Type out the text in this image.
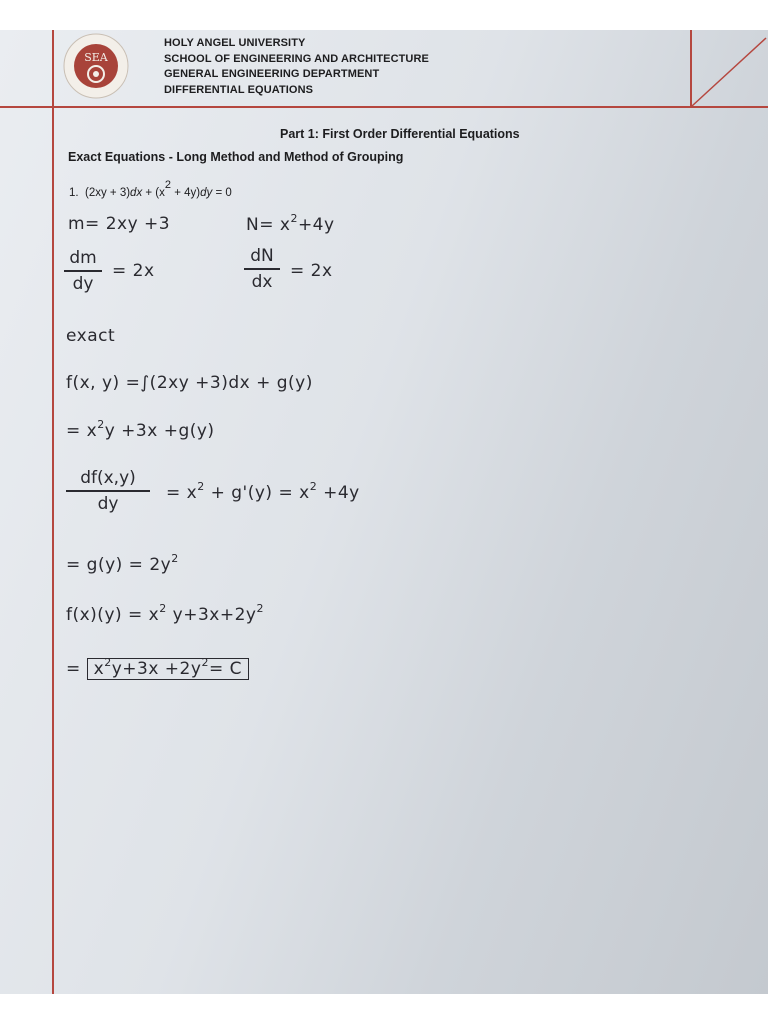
SEA
HOLY ANGEL UNIVERSITY
SCHOOL OF ENGINEERING AND ARCHITECTURE
GENERAL ENGINEERING DEPARTMENT
DIFFERENTIAL EQUATIONS
Part 1: First Order Differential Equations
Exact Equations - Long Method and Method of Grouping
1. $(2xy + 3)dx + (x^2 + 4y)dy = 0$
m= 2xy +3	$N= x^2+4y$
dm
dy
= 2x
dN
dx
= 2x
exact
f(x, y) =∫(2xy +3)dx + g(y)
= $x^2y +3x +g(y)$
df(x,y)
dy
= $x^2 + g'(y) = x^2 +4y$
= $g(y) = 2y^2$
$f(x)(y) = x^2$ $y+3x+2y^2$
= $x^2y+3x +2y^2= C$
